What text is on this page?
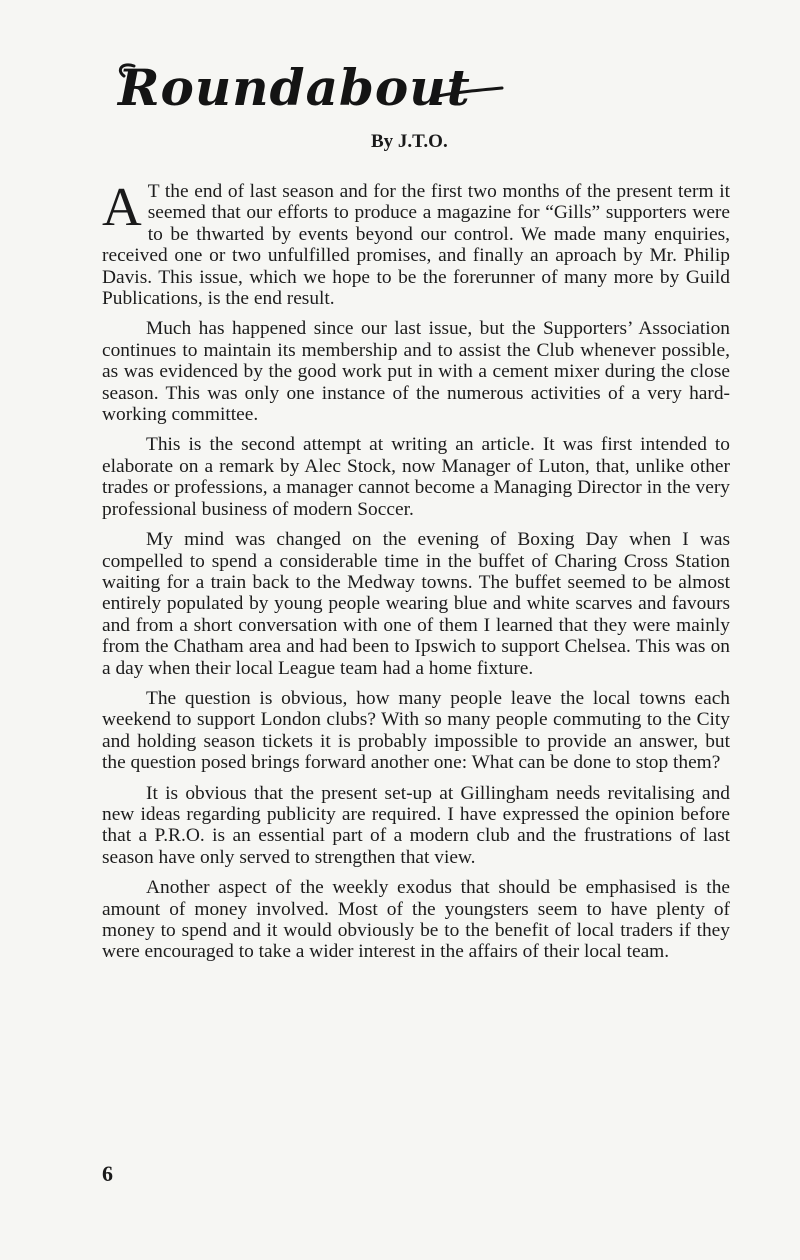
Roundabout
By J.T.O.

A T the end of last season and for the first two months of the present term it seemed that our efforts to produce a magazine for “Gills” supporters were to be thwarted by events beyond our control. We made many enquiries, received one or two unfulfilled promises, and finally an aproach by Mr. Philip Davis. This issue, which we hope to be the forerunner of many more by Guild Publications, is the end result.

Much has happened since our last issue, but the Supporters’ Association continues to maintain its membership and to assist the Club whenever possible, as was evidenced by the good work put in with a cement mixer during the close season. This was only one instance of the numerous activities of a very hard-working committee.

This is the second attempt at writing an article. It was first intended to elaborate on a remark by Alec Stock, now Manager of Luton, that, unlike other trades or professions, a manager cannot become a Managing Director in the very professional business of modern Soccer.

My mind was changed on the evening of Boxing Day when I was compelled to spend a considerable time in the buffet of Charing Cross Station waiting for a train back to the Medway towns. The buffet seemed to be almost entirely populated by young people wearing blue and white scarves and favours and from a short conversation with one of them I learned that they were mainly from the Chatham area and had been to Ipswich to support Chelsea. This was on a day when their local League team had a home fixture.

The question is obvious, how many people leave the local towns each weekend to support London clubs? With so many people commuting to the City and holding season tickets it is probably impossible to provide an answer, but the question posed brings forward another one: What can be done to stop them?

It is obvious that the present set-up at Gillingham needs revitalising and new ideas regarding publicity are required. I have expressed the opinion before that a P.R.O. is an essential part of a modern club and the frustrations of last season have only served to strengthen that view.

Another aspect of the weekly exodus that should be emphasised is the amount of money involved. Most of the youngsters seem to have plenty of money to spend and it would obviously be to the benefit of local traders if they were encouraged to take a wider interest in the affairs of their local team.

6
